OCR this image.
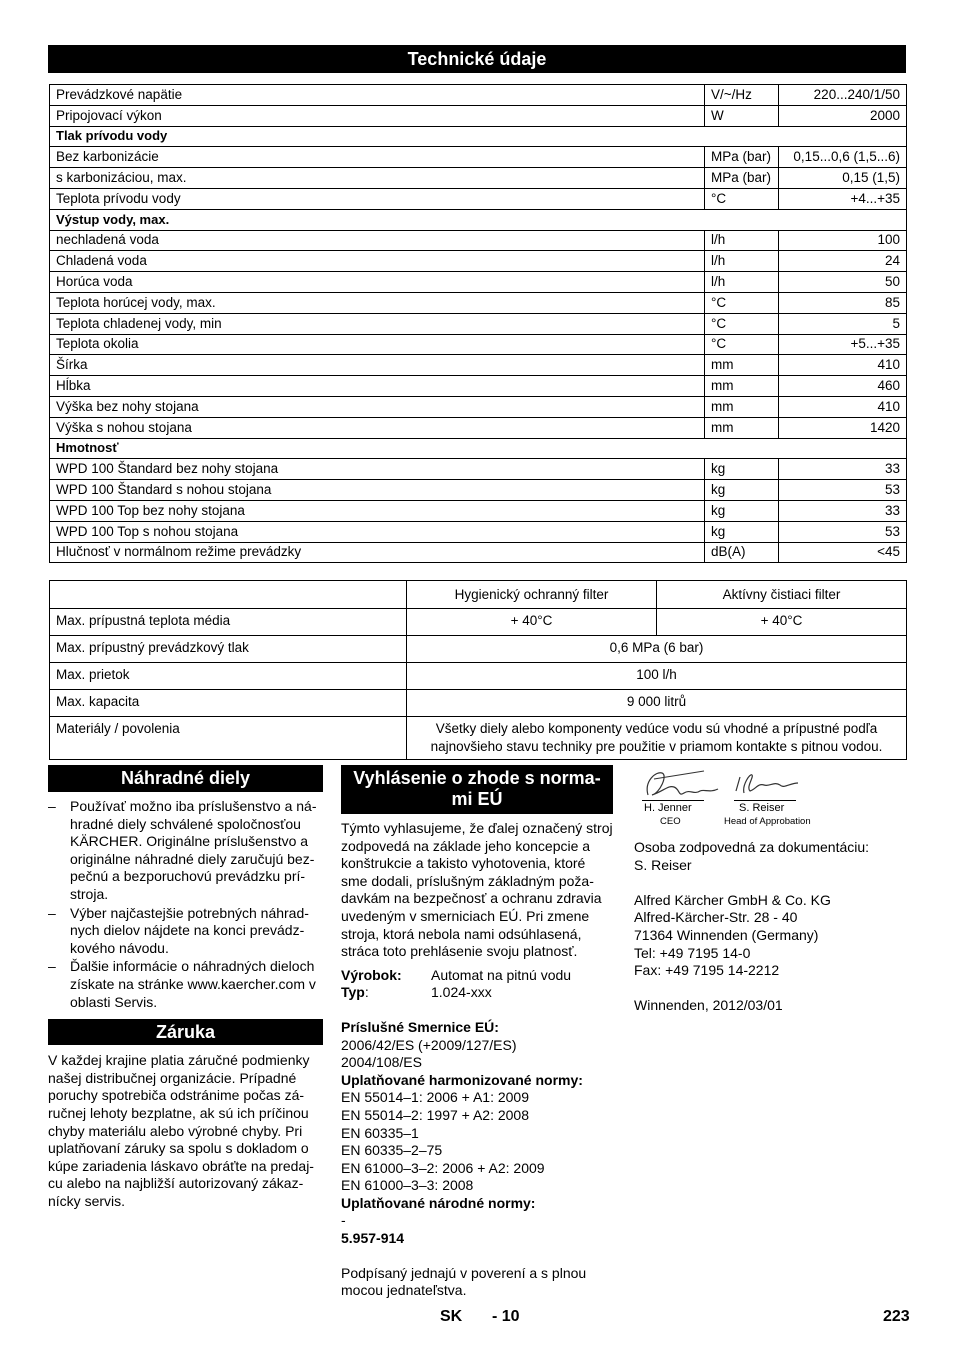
Technické údaje
Prevádzkové napätie	V/~/Hz	220...240/1/50
Pripojovací výkon	W	2000
Tlak prívodu vody		
Bez karbonizácie	MPa (bar)	0,15...0,6 (1,5...6)
s karbonizáciou, max.	MPa (bar)	0,15 (1,5)
Teplota prívodu vody	°C	+4...+35
Výstup vody, max.		
nechladená voda	l/h	100
Chladená voda	l/h	24
Horúca voda	l/h	50
Teplota horúcej vody, max.	°C	85
Teplota chladenej vody, min	°C	5
Teplota okolia	°C	+5...+35
Šírka	mm	410
Hĺbka	mm	460
Výška bez nohy stojana	mm	410
Výška s nohou stojana	mm	1420
Hmotnosť		
WPD 100 Štandard bez nohy stojana	kg	33
WPD 100 Štandard s nohou stojana	kg	53
WPD 100 Top bez nohy stojana	kg	33
WPD 100 Top s nohou stojana	kg	53
Hlučnosť v normálnom režime prevádzky	dB(A)	<45
	Hygienický ochranný filter	Aktívny čistiaci filter
Max. prípustná teplota média	+ 40°C	+ 40°C
Max. prípustný prevádzkový tlak	0,6 MPa (6 bar)	
Max. prietok	100 l/h	
Max. kapacita	9 000 litrů	
Materiály / povolenia	Všetky diely alebo komponenty vedúce vodu sú vhodné a prípustné podľa najnovšieho stavu techniky pre použitie v priamom kontakte s pitnou vodou.	
Náhradné diely
– Používať možno iba príslušenstvo a ná-hradné diely schválené spoločnosťou KÄRCHER. Originálne príslušenstvo a originálne náhradné diely zaručujú bez-pečnú a bezporuchovú prevádzku prí-stroja.
– Výber najčastejšie potrebných náhrad-nych dielov nájdete na konci prevádz-kového návodu.
– Ďalšie informácie o náhradných dieloch získate na stránke www.kaercher.com v oblasti Servis.
Záruka

V každej krajine platia záručné podmienky našej distribučnej organizácie. Prípadné poruchy spotrebiča odstránime počas zá-ručnej lehoty bezplatne, ak sú ich príčinou chyby materiálu alebo výrobné chyby. Pri uplatňovaní záruky sa spolu s dokladom o kúpe zariadenia láskavo obráťte na predaj-cu alebo na najbližší autorizovaný zákaz-nícky servis.

Vyhlásenie o zhode s norma-mi EÚ

Týmto vyhlasujeme, že ďalej označený stroj zodpovedá na základe jeho koncepcie a konštrukcie a takisto vyhotovenia, ktoré sme dodali, príslušným základným poža-davkám na bezpečnosť a ochranu zdravia uvedeným v smerniciach EÚ. Pri zmene stroja, ktorá nebola nami odsúhlasená, stráca toto prehlásenie svoju platnosť.

Výrobok:	Automat na pitnú vodu
Typ:	1.024-xxx
Príslušné Smernice EÚ:
2006/42/ES (+2009/127/ES)
2004/108/ES
Uplatňované harmonizované normy:
EN 55014–1: 2006 + A1: 2009
EN 55014–2: 1997 + A2: 2008
EN 60335–1
EN 60335–2–75
EN 61000–3–2: 2006 + A2: 2009
EN 61000–3–3: 2008
Uplatňované národné normy:
-
5.957-914

Podpísaný jednajú v poverení a s plnou mocou jednateľstva.

H. Jenner
CEO
S. Reiser
Head of Approbation
Osoba zodpovedná za dokumentáciu:
S. Reiser
Alfred Kärcher GmbH & Co. KG
Alfred-Kärcher-Str. 28 - 40
71364 Winnenden (Germany)
Tel: +49 7195 14-0
Fax: +49 7195 14-2212
Winnenden, 2012/03/01
SK - 10	223
